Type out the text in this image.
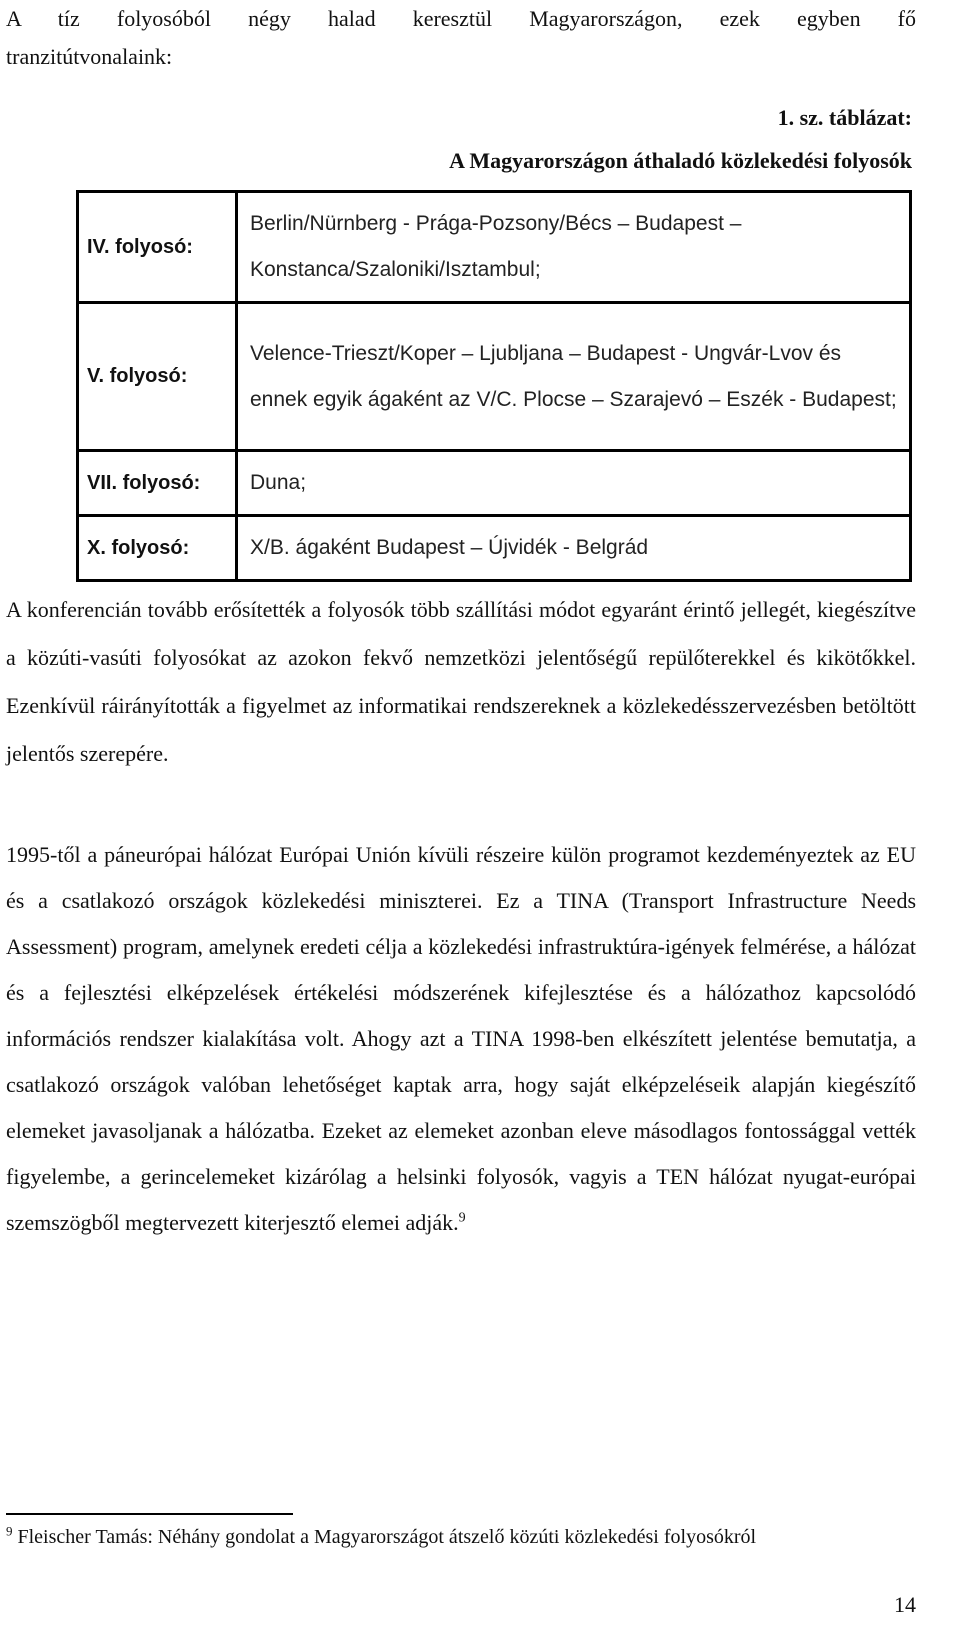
A tíz folyosóból négy halad keresztül Magyarországon, ezek egyben fő
tranzitútvonalaink:
1. sz. táblázat:
A Magyarországon áthaladó közlekedési folyosók
IV. folyosó:	Berlin/Nürnberg - Prága-Pozsony/Bécs – Budapest – Konstanca/Szaloniki/Isztambul;
V. folyosó:	Velence-Trieszt/Koper – Ljubljana – Budapest - Ungvár-Lvov és ennek egyik ágaként az V/C. Plocse – Szarajevó – Eszék - Budapest;
VII. folyosó:	Duna;
X. folyosó:	X/B. ágaként Budapest – Újvidék - Belgrád
A konferencián tovább erősítették a folyosók több szállítási módot egyaránt érintő jellegét, kiegészítve a közúti-vasúti folyosókat az azokon fekvő nemzetközi jelentőségű repülőterekkel és kikötőkkel. Ezenkívül ráirányították a figyelmet az informatikai rendszereknek a közlekedésszervezésben betöltött jelentős szerepére.
1995-től a páneurópai hálózat Európai Unión kívüli részeire külön programot kezdeményeztek az EU és a csatlakozó országok közlekedési miniszterei. Ez a TINA (Transport Infrastructure Needs Assessment) program, amelynek eredeti célja a közlekedési infrastruktúra-igények felmérése, a hálózat és a fejlesztési elképzelések értékelési módszerének kifejlesztése és a hálózathoz kapcsolódó információs rendszer kialakítása volt. Ahogy azt a TINA 1998-ben elkészített jelentése bemutatja, a csatlakozó országok valóban lehetőséget kaptak arra, hogy saját elképzeléseik alapján kiegészítő elemeket javasoljanak a hálózatba. Ezeket az elemeket azonban eleve másodlagos fontossággal vették figyelembe, a gerincelemeket kizárólag a helsinki folyosók, vagyis a TEN hálózat nyugat-európai szemszögből megtervezett kiterjesztő elemei adják.$^9$
$^9$ Fleischer Tamás: Néhány gondolat a Magyarországot átszelő közúti közlekedési folyosókról
14
